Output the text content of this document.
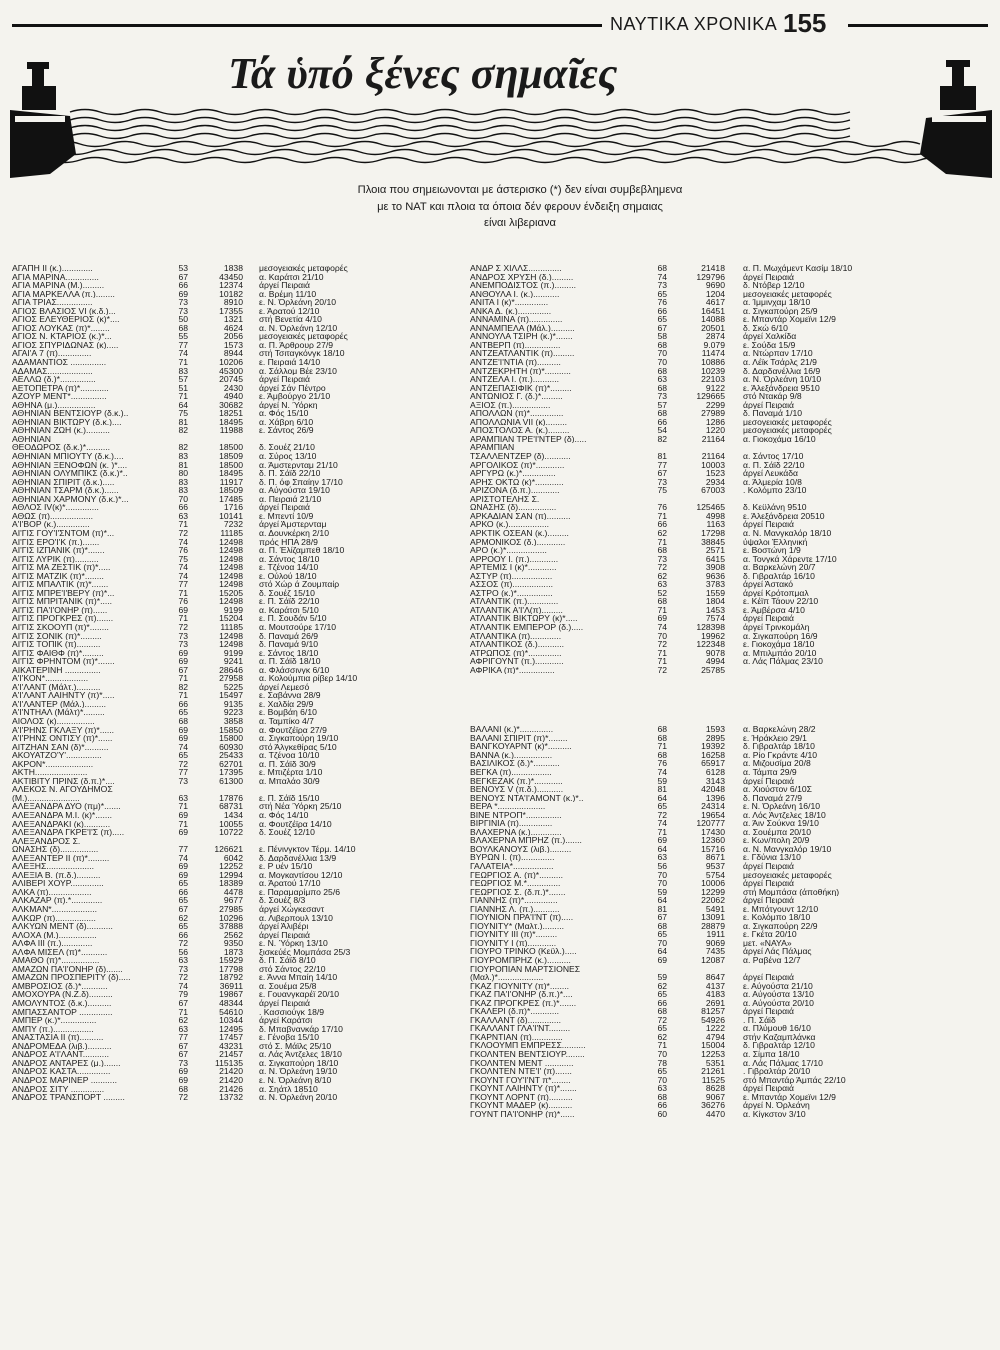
ΝΑΥΤΙΚΑ ΧΡΟΝΙΚΑ 155
Τά ὑπό ξένες σημαῖες
Πλοια που σημειωνονται με άστερισκο (*) δεν είναι συμβεβλημενα
με το ΝΑΤ και πλοια τα όποια δέν φερουν ένδειξη σημαιας
είναι λιβεριανα
ΑΓΑΠΗ ΙΙ (κ.).............	53	1838	μεσογειακές μεταφορές
ΑΓΙΑ ΜΑΡΙΝΑ..............	67	43450	α. Καράτσι 21/10
ΑΓΙΑ ΜΑΡΙΝΑ (Μ.).........	66	12374	άργεί Πειραιά
ΑΓΙΑ ΜΑΡΚΕΛΛΑ (π.)........	69	10182	α. Βρέμη 11/10
ΑΓΙΑ ΤΡΙΑΣ...............	73	8910	ε. Ν. Όρλεάνη 20/10
ΑΓΙΟΣ ΒΛΑΣΙΟΣ VI (κ.δ.)...	73	17355	ε. Άρατού 12/10
ΑΓΙΟΣ ΕΛΕΥΘΕΡΙΟΣ (κ)*....	50	1321	στή Βενετία 4/10
ΑΓΙΟΣ ΛΟΥΚΑΣ (π)*........	68	4624	α. Ν. Όρλεάνη 12/10
ΑΓΙΟΣ Ν. ΚΤΑΡΙΟΣ (κ.)*...	55	2056	μεσογειακές μεταφορές
ΑΓΙΟΣ ΣΠΥΡΙΔΩΝΑΣ (κ).....	77	1573	α. Π. Άρθρουρ 27/9
ΑΓΑΙ'Α 7 (π)..............	74	8944	στή Τσιταγκόνγκ 18/10
ΑΔΑΜΑΝΤΙΟΣ ...............	71	10206	ε. Πειραιά 14/10
ΑΔΑΜΑΣ...................	83	45300	α. Σάλλομ Βέε 23/10
ΑΕΛΛΩ (δ.)*...............	57	20745	άργεί Πειραιά
ΑΕΤΟΠΕΤΡΑ (π)*............	51	2430	άργεί Σάν Πέντρο
ΑΖΟΥΡ ΜΕΝΤ*...............	71	4940	ε. Άμβούργο 21/10
ΑΘΗΝΑ (μ.)................	64	30682	άργεί Ν. Ύόρκη
ΑΘΗΝΙΑΝ ΒΕΝΤΣΙΟΥΡ (δ.κ.)..	75	18251	α. Φός 15/10
ΑΘΗΝΙΑΝ ΒΙΚΤΩΡΥ (δ.κ.)....	81	18495	α. Χάβρη 6/10
ΑΘΗΝΙΑΝ ΖΩΗ (κ.)..........	82	11988	ε. Σάντος 26/9
ΑΘΗΝΙΑΝ
ΘΕΟΔΩΡΟΣ (δ.κ.)*..........	82	18500	δ. Σουέζ 21/10
ΑΘΗΝΙΑΝ ΜΠΙΟΥΤΥ (δ.κ.)....	83	18509	α. Σύρος 13/10
ΑΘΗΝΙΑΝ ΞΕΝΟΦΩΝ (κ. )*....	81	18500	α. Άμστερνταμ 21/10
ΑΘΗΝΙΑΝ ΟΛΥΜΠΙΚΣ (δ.κ.)*..	80	18495	δ. Π. Σάϊδ 22/10
ΑΘΗΝΙΑΝ ΣΠΙΡΙΤ (δ.κ.).....	83	11917	δ. Π. όφ Σπαίην 17/10
ΑΘΗΝΙΑΝ ΤΣΑΡΜ (δ.κ.)......	83	18509	α. Αύγούστα 19/10
ΑΘΗΝΙΑΝ ΧΑΡΜΟΝΥ (δ.κ.)*...	70	17485	α. Πειραιά 21/10
ΑΘΛΟΣ IV(κ)*..............	66	1716	άργεί Πειραιά
ΑΘΩΣ (π)..................	63	10141	ε. Μπεντί 10/9
Α'Ι'ΒΟΡ (κ.)..............	71	7232	άργεί Άμστερνταμ
ΑΙ'ΓΙΣ ΓΟΥ'Ι'ΣΝΤΟΜ (π)*...	72	11185	α. Δουνκέρκη 2/10
ΑΙ'ΓΙΣ ΕΡΟ'Ι'Κ (π.).......	74	12498	πρός ΗΠΑ 28/9
ΑΙ'ΓΙΣ ΙΖΠΑΝΙΚ (π)*.......	76	12498	α. Π. Έλίζαμπεθ 18/10
ΑΙ'ΓΙΣ ΛΥΡΙΚ (π)..........	75	12498	α. Σάντος 18/10
ΑΙ'ΓΙΣ ΜΑ ΖΕΣΤΙΚ (π)*.....	74	12498	ε. Τζένοα 14/10
ΑΙ'ΓΙΣ ΜΑΤΖΙΚ (π)*........	74	12498	ε. Ούλού 18/10
ΑΙ'ΓΙΣ ΜΠΑΛΤΙΚ (π)*.......	77	12498	στό Χώρ ά Ζουμπαίρ
ΑΙ'ΓΙΣ ΜΠΡΕ'Ι'ΒΕΡΥ (π)*...	71	15205	δ. Σουέζ 15/10
ΑΙ'ΓΙΣ ΜΠΡΙΤΑΝΙΚ (π)*.....	76	12498	ε. Π. Σάϊδ 22/10
ΑΙ'ΓΙΣ ΠΑ'Ι'ΟΝΗΡ (π)......	69	9199	α. Καράτσι 5/10
ΑΙ'ΓΙΣ ΠΡΟΓΚΡΕΣ (π).......	71	15204	ε. Π. Σουδάν 5/10
ΑΙ'ΓΙΣ ΣΚΟΟΥΠ (π)*........	72	11185	α. Μουτσούρε 17/10
ΑΙ'ΓΙΣ ΣΟΝΙΚ (π)*.........	73	12498	δ. Παναμά 26/9
ΑΙ'ΓΙΣ ΤΟΠΙΚ (π)..........	73	12498	δ. Παναμά 9/10
ΑΙ'ΓΙΣ ΦΑΙΘΦ (π)*.........	69	9199	ε. Σάντος 18/10
ΑΙ'ΓΙΣ ΦΡΗΝΤΟΜ (π)*.......	69	9241	α. Π. Σάϊδ 18/10
ΑΙΚΑΤΕΡΙΝΗ ...............	67	28646	α. Φλάσσινγκ 6/10
Α'Ι'ΚΟΝ*..................	71	27958	α. Κολούμπια ρίβερ 14/10
Α'Ι'ΛΑΝΤ (Μάλτ.)..........	82	5225	άργεί Λεμεσό
Α'Ι'ΛΑΝΤ ΛΑΙΗΝΤΥ (π)*.....	71	15497	ε. Σαβάννα 28/9
Α'Ι'ΛΑΝΤΕΡ (Μάλ.).........	66	9135	ε. Χαλδία 29/9
Α'Ι'ΝΤΗΑΛ (Μάλτ)*.........	65	9223	ε. Βομβάη 6/10
ΑΙΟΛΟΣ (κ)................	68	3858	α. Ταμπίκο 4/7
Α'Ι'ΡΗΝΣ ΓΚΛΑΞΥ (π)*......	69	15850	α. Φουτζέϊρα 27/9
Α'Ι'ΡΗΝΣ ΟΝΤΙΣΥ (π)*......	69	15800	α. Σιγκαπούρη 19/10
ΑΙΤΖΗΑΝ ΣΑΝ (δ)*..........	74	60930	στό Άλγκεθίρας 5/10
ΑΚΟΥΑΤΖΟ'Υ'...............	65	25433	α. Τζένοα 10/10
ΑΚΡΟΝ*....................	72	62701	α. Π. Σάϊδ 30/9
ΑΚΤΗ......................	77	17395	ε. Μπιζέρτα 1/10
ΑΚΤΙΒΙΤΥ ΠΡΙΝΣ (δ.π.)*....	73	61300	α. Μπαλάο 30/9
ΑΛΕΚΟΣ Ν. ΑΓΟΥΔΗΜΟΣ
(Μ.)......................	63	17876	ε. Π. Σάϊδ 15/10
ΑΛΕΞΑΝΔΡΑ ΔΥΟ (πμ)*.......	71	68731	στή Νέα Ύόρκη 25/10
ΑΛΕΞΑΝΔΡΑ Μ.Ι. (κ)*.......	69	1434	α. Φός 14/10
ΑΛΕΞΑΝΔΡΑΚΙ (κ)...........	71	10055	α. Φουτζέϊρα 14/10
ΑΛΕΞΑΝΔΡΑ ΓΚΡΕ'Ι'Σ (π).....	69	10722	δ. Σουέζ 12/10
ΑΛΕΞΑΝΔΡΟΣ Σ.
ΩΝΑΣΗΣ (δ)................	77	126621	ε. Πένινγκτον Τέρμ. 14/10
ΑΛΕΞΑΝΤΕΡ ΙΙ (π)*.........	74	6042	δ. Δαρδανέλλια 13/9
ΑΛΕΞΗΣ....................	69	12252	ε. Ρ υέν 15/10
ΑΛΕΞΙΑ Β. (π.δ.)..........	69	12994	α. Μογκαντίσου 12/10
ΑΛΙΒΕΡΙ ΧΟΥΡ..............	65	18389	α. Άρατού 17/10
ΑΛΚΑ (π)..................	66	4478	ε. Παραμαρίμπο 25/6
ΑΛΚΑΖΑΡ (π).*.............	65	9677	δ. Σουέζ 8/3
ΑΛΚΜΑΝ*...................	67	27985	άργεί Χώγκεσαντ
ΑΛΚΩΡ (π).................	62	10296	α. Λιβερπουλ 13/10
ΑΛΚΥΩΝ ΜΕΝΤ (δ)...........	65	37888	άργεί Άλιβέρι
ΑΛΟΧΑ (Μ.)................	66	2562	άργεί Πειραιά
ΑΛΦΑ ΙΙΙ (π.).............	72	9350	ε. Ν. Ύόρκη 13/10
ΑΛΦΑ ΜΙΣΕΛ (π)*...........	56	1873	ξισκεύές Μομπάσα 25/3
ΑΜΑΘΟ (π)*................	63	15929	δ. Π. Σάϊδ 8/10
ΑΜΑΖΩΝ ΠΑ'Ι'ΟΝΗΡ (δ).......	73	17798	στό Σάντος 22/10
ΑΜΑΖΩΝ ΠΡΟΣΠΕΡΙΤΥ (δ).....	72	18792	ε. Άννα Μπαίη 14/10
ΑΜΒΡΟΣΙΟΣ (δ.)*...........	74	36911	α. Σουέμα 25/8
ΑΜΟΧΟΥΡΑ (Ν.Ζ.δ)..........	79	19867	ε. Γουανγκαρέϊ 20/10
ΑΜΟΛΥΝΤΟΣ (δ.κ.)..........	67	48344	άργεί Πειραιά
ΑΜΠΑΣΣΑΝΤΟΡ ..............	71	54610	. Κασσιούγκ 18/9
ΑΜΠΕΡ (κ.)*...............	62	10344	άργεί Καράτσι
ΑΜΠΥ (π.).................	63	12495	δ. Μπαβνανκάρ 17/10
ΑΝΑΣΤΑΣΙΑ ΙΙ (π)..........	77	17457	ε. Γένοβα 15/10
ΑΝΔΡΟΜΕΔΑ (λιβ.)..........	67	43231	στό Σ. Μάϊλς 25/10
ΑΝΔΡΟΣ Α'Ι'ΛΑΝΤ...........	67	21457	α. Λάς Άντζελες 18/10
ΑΝΔΡΟΣ ΑΝΤΑΡΕΣ (μ.).......	73	115135	α. Σιγκαπούρη 18/10
ΑΝΔΡΟΣ ΚΑΣΤΑ..............	69	21420	α. Ν. Όρλεάνη 19/10
ΑΝΔΡΟΣ ΜΑΡΙΝΕΡ ...........	69	21420	ε. Ν. Όρλεάνη 8/10
ΑΝΔΡΟΣ ΣΙΤΥ ..............	68	21426	α. Σηάτλ 18510
ΑΝΔΡΟΣ ΤΡΑΝΣΠΟΡΤ .........	72	13732	α. Ν. Όρλεάνη 20/10
ΑΝΔΡ Σ ΧΙΛΛΣ..............	68	21418	α. Π. Μωχάμεντ Κασίμ 18/10
ΑΝΔΡΟΣ ΧΡΥΣΗ (δ.).........	74	129796	άργεί Πειραιά
ΑΝΕΜΠΟΔΙΣΤΟΣ (π.).........	73	9690	δ. Ντόβερ 12/10
ΑΝΘΟΥΛΑ Ι. (κ.)...........	65	1204	μεσογειακές μεταφορές
ΑΝΙΤΑ Ι (κ)*..............	76	4617	α. Ίμμινχαμ 18/10
ΑΝΚΑ Δ. (κ.)..............	66	16451	α. Σιγκαπούρη 25/9
ΑΝΝΑΜΙΝΑ (π)..............	65	14088	ε. Μπαντάρ Χομεϊνι 12/9
ΑΝΝΑΜΠΕΛΑ (Μάλ.)..........	67	20501	δ. Σκώ 6/10
ΑΝΝΟΥΛΑ ΤΣΙΡΗ (κ.)*.......	58	2874	άργεί Χαλκίδα
ΑΝΤΒΕΡΠ (π)...............	68	9.079	ε. Σούδα 15/9
ΑΝΤΖΕΑΤΛΑΝΤΙΚ (π).........	70	11474	α. Ντώρπαν 17/10
ΑΝΤΖΕ'Ι'ΝΤΙΑ (π)..........	70	10886	α. Λέϊκ Τσάρλς 21/9
ΑΝΤΖΕΚΡΗΤΗ (π)*...........	68	10239	δ. Δαρδανέλλια 16/9
ΑΝΤΖΕΛΑ Ι. (π.)...........	63	22103	α. Ν. Όρλεάνη 10/10
ΑΝΤΖΕΠΑΣΙΦΙΚ (π)*.........	68	9122	ε. Άλεξάνδρεια 9510
ΑΝΤΩΝΙΟΣ Γ. (δ.)*.........	73	129665	στό Ντακάρ 9/8
ΑΞΙΟΣ (π.)................	57	2299	άργεί Πειραιά
ΑΠΟΛΛΩΝ (π)*..............	68	27989	δ. Παναμά 1/10
ΑΠΟΛΛΩΝΙΑ VII (κ).........	66	1286	μεσογειακές μεταφορές
ΑΠΟΣΤΟΛΟΣ Α. (κ.).........	54	1220	μεσογειακές μεταφορές
ΑΡΑΜΠΙΑΝ ΤΡΕ'Ι'ΝΤΕΡ (δ).....	82	21164	α. Γιοκοχάμα 16/10
ΑΡΑΜΠΙΑΝ
ΤΣΑΛΛΕΝΤΖΕΡ (δ)...........	81	21164	α. Σάντος 17/10
ΑΡΓΟΛΙΚΟΣ (π)*............	77	10003	α. Π. Σάϊδ 22/10
ΑΡΓΥΡΩ (κ.)*..............	67	1523	άργεί Λευκάδα
ΑΡΗΣ ΟΚΤΩ (κ)*............	73	2934	α. Άλμερία 10/8
ΑΡΙΖΟΝΑ (δ.π.)............	75	67003	. Κολόμπο 23/10
ΑΡΙΣΤΟΤΕΛΗΣ Σ.
ΩΝΑΣΗΣ (δ)................	76	125465	δ. Κεϋλάνη 9510
ΑΡΚΑΔΙΑΝ ΣΑΝ (π)..........	71	4998	ε. Άλεξάνδρεια 20510
ΑΡΚΟ (κ.).................	66	1163	άργεί Πειραιά
ΑΡΚΤΙΚ ΟΣΕΑΝ (κ.).........	62	17298	α. Ν. Μανγκαλόρ 18/10
ΑΡΜΟΝΙΚΟΣ (δ.)............	71	38845	ύψαλοι Έλληνική
ΑΡΟ (κ.)*.................	68	2571	ε. Βοστώνη 1/9
ΑΡΡΟΟΥ Ι. (π.)............	73	6415	α. Τονγκά Χάρεντε 17/10
ΑΡΤΕΜΙΣ Ι (κ)*............	72	3908	α. Βαρκελώνη 20/7
ΑΣΤΥΡ (π).................	62	9636	δ. Γιβραλτάρ 16/10
ΑΣΣΟΣ (π).................	63	3783	άργεί Άστακό
ΑΣΤΡΟ (κ.)*...............	52	1559	άργεί Κρότοπμαλ
ΑΤΛΑΝΤΙΚ (π.).............	68	1804	ε. Κέϊπ Τάουν 22/10
ΑΤΛΑΝΤΙΚ Α'Ι'Λ(π).........	71	1453	ε. Άμβέρσα 4/10
ΑΤΛΑΝΤΙΚ ΒΙΚΤΩΡΥ (κ)*.....	69	7574	άργεί Πειραιά
ΑΤΛΑΝΤΙΚ ΕΜΠΕΡΟΡ (δ.).....	74	128398	άργεί Τρινκομάλη
ΑΤΛΑΝΤΙΚΑ (π).............	70	19962	α. Σιγκαπούρη 16/9
ΑΤΛΑΝΤΙΚΟΣ (δ.)...........	72	122348	ε. Γιοκοχάμα 18/10
ΑΤΡΩΠΟΣ (π)*..............	71	9078	α. Μπιλμπάο 20/10
ΑΦΡΙΓΟΥΝΤ (π.)............	71	4994	α. Λάς Πάλμας 23/10
ΑΦΡΙΚΑ (π)*...............	72	25785
ΒΑΛΑΝΙ (κ.)*..............	68	1593	α. Βαρκελώνη 28/2
ΒΑΛΑΝΙ ΣΠΙΡΙΤ (π)*........	68	2895	ε. Ήράκλειο 29/1
ΒΑΝΓΚΟΥΑΡΝΤ (κ)*..........	71	19392	δ. Γιβραλτάρ 18/10
ΒΑΝΝΑ (κ.)................	68	16258	α. Ρίο Γκράντε 4/10
ΒΑΣΙΛΙΚΟΣ (δ.)*...........	76	65917	α. Μιζουσίμα 20/8
ΒΕΓΚΑ (π).................	74	6128	α. Τάμπα 29/9
ΒΕΓΚΕΖΑΚ (π.)*............	59	3143	άργεί Πειραιά
ΒΕΝΟΥΣ V (π.δ.)...........	81	42048	α. Χιούστον 6/10Σ
ΒΕΝΟΥΣ ΝΤΑ'Ι'ΑΜΟΝΤ (κ.)*..	64	1396	δ. Παναμά 27/9
ΒΕΡΑ *....................	65	24314	ε. Ν. Όρλεάνη 16/10
ΒΙΝΕ ΝΤΡΟΠ*...............	72	19654	α. Λός Άντζελες 18/10
ΒΙΡΓΙΝΙΑ (π)..............	74	120777	α. Άιν Σούκνα 19/10
ΒΛΑΧΕΡΝΑ (κ.).............	71	17430	α. Σουέμπα 20/10
ΒΛΑΧΕΡΝΑ ΜΠΡΗΖ (π.).......	69	12360	ε. Κων/πολη 20/9
ΒΟΥΛΚΑΝΟΥΣ (λιβ.).........	64	15716	α. Ν. Μανγκαλόρ 19/10
ΒΥΡΩΝ Ι. (π)..............	63	8671	ε. Γδύνια 13/10
ΓΑΛΑΤΕΙΑ*.................	56	9537	άργεί Πειραιά
ΓΕΩΡΓΙΟΣ Α. (π)*..........	70	5754	μεσογειακές μεταφορές
ΓΕΩΡΓΙΟΣ Μ.*..............	70	10006	άργεί Πειραιά
ΓΕΩΡΓΙΟΣ Σ. (δ.π.)*.......	59	12299	στή Μομπάσα (άποθήκη)
ΓΙΑΝΝΗΣ (π)*..............	64	22062	άργεί Πειραιά
ΓΙΑΝΝΗΣ Λ. (π.)...........	81	5491	ε. Μπότγουντ 12/10
ΓΙΟΥΝΙΟΝ ΠΡΑ'Ι'ΝΤ (π).....	67	13091	ε. Κολόμπο 18/10
ΓΙΟΥΝΙΤΥ* (Μαλτ.).........	68	28879	α. Σιγκαπούρη 22/9
ΓΙΟΥΝΙΤΥ ΙΙΙ (π)*.........	65	1911	ε. Γκέτα 20/10
ΓΙΟΥΝΙΤΥ Ι (π)............	70	9069	μετ. «ΝΑΥΑ»
ΓΙΟΥΡΟ ΤΡΙΝΚΟ (Κεϋλ.).....	64	7435	άργεί Λάς Πάλμας
ΓΙΟΥΡΟΜΠΡΗΖ (κ.)..........	69	12087	α. Ραβένα 12/7
ΓΙΟΥΡΟΠΙΑΝ ΜΑΡΤΣΙΟΝΕΣ
(Μαλ.)*...................	59	8647	άργεί Πειραιά
ΓΚΑΖ ΓΙΟΥΝΙΤΥ (π)*........	62	4137	ε. Αύγούστα 21/10
ΓΚΑΖ ΠΑ'Ι'ΟΝΗΡ (δ.π.)*....	65	4183	α. Αύγούστα 13/10
ΓΚΑΖ ΠΡΟΓΚΡΕΣ (π.)*.......	66	2691	α. Αύγούστα 20/10
ΓΚΑΛΕΡΙ (δ.π)*............	68	81257	άργεί Πειραιά
ΓΚΑΛΛΑΝΤ (δ)..............	72	54926	. Π. Σάϊδ
ΓΚΑΛΛΑΝΤ ΓΛΑ'Ι'ΝΤ.........	65	1222	α. Πλύμουθ 16/10
ΓΚΑΡΝΤΙΑΝ (π).............	62	4794	στήν Καζαμπλάνκα
ΓΚΛΟΟΥΜΠ ΕΜΠΡΕΣΣ..........	71	15004	δ. Γιβραλτάρ 12/10
ΓΚΟΛΝΤΕΝ ΒΕΝΤΣΙΟΥΡ........	70	12253	α. Σίμπα 18/10
ΓΚΟΛΝΤΕΝ ΜΕΝΤ ............	78	5351	α. Λάς Πάλμας 17/10
ΓΚΟΛΝΤΕΝ ΝΤΕ'Ι' (π).......	65	21261	. Γιβραλτάρ 20/10
ΓΚΟΥΝΤ ΓΟΥ'Ι'ΝΤ π*........	70	11525	στό Μπαντάρ Άμπάς 22/10
ΓΚΟΥΝΤ ΛΑΙΗΝΤΥ (π)*.......	63	8628	άργεί Πειραιά
ΓΚΟΥΝΤ ΛΟΡΝΤ (π)..........	68	9067	ε. Μπαντάρ Χομεϊνι 12/9
ΓΚΟΥΝΤ ΜΑΔΕΡ (κ)..........	66	36276	άργεί Ν. Όρλεάνη
ΓΟΥΝΤ ΠΑ'Ι'ΟΝΗΡ (π)*......	60	4470	α. Κίγκστον 3/10
